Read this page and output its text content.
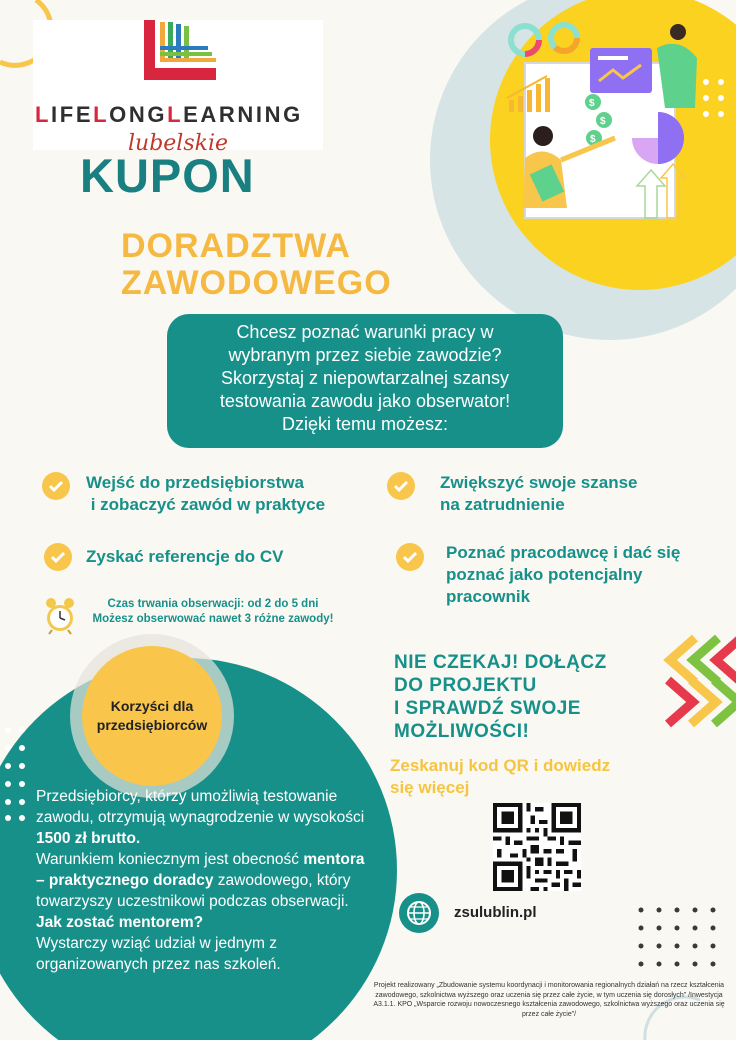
$
$
$
LIFELONGLEARNING
lubelskie
KUPON
DORADZTWA
ZAWODOWEGO

Chcesz poznać warunki pracy w

wybranym przez siebie zawodzie?

Skorzystaj z niepowtarzalnej szansy

testowania zawodu jako obserwator!

Dzięki temu możesz:

Wejść do przedsiębiorstwa
i zobaczyć zawód w praktyce
Zwiększyć swoje szanse
na zatrudnienie
Zyskać referencje do CV	Poznać pracodawcę i dać się
poznać jako potencjalny
pracownik
Czas trwania obserwacji: od 2 do 5 dni
Możesz obserwować nawet 3 różne zawody!
Korzyści dla
przedsiębiorców
Przedsiębiorcy, którzy umożliwią testowanie zawodu, otrzymują wynagrodzenie w wysokości 1500 zł brutto.
Warunkiem koniecznym jest obecność mentora – praktycznego doradcy zawodowego, który towarzyszy uczestnikowi podczas obserwacji.
Jak zostać mentorem?
Wystarczy wziąć udział w jednym z organizowanych przez nas szkoleń.
NIE CZEKAJ! DOŁĄCZ
DO PROJEKTU
I SPRAWDŹ SWOJE
MOŻLIWOŚCI!
Zeskanuj kod QR i dowiedz
się więcej
zsulublin.pl
Projekt realizowany „Zbudowanie systemu koordynacji i monitorowania regionalnych działań na rzecz kształcenia zawodowego, szkolnictwa wyższego oraz uczenia się przez całe życie, w tym uczenia się dorosłych” /Inwestycja A3.1.1. KPO „Wsparcie rozwoju nowoczesnego kształcenia zawodowego, szkolnictwa wyższego oraz uczenia się przez całe życie”/
